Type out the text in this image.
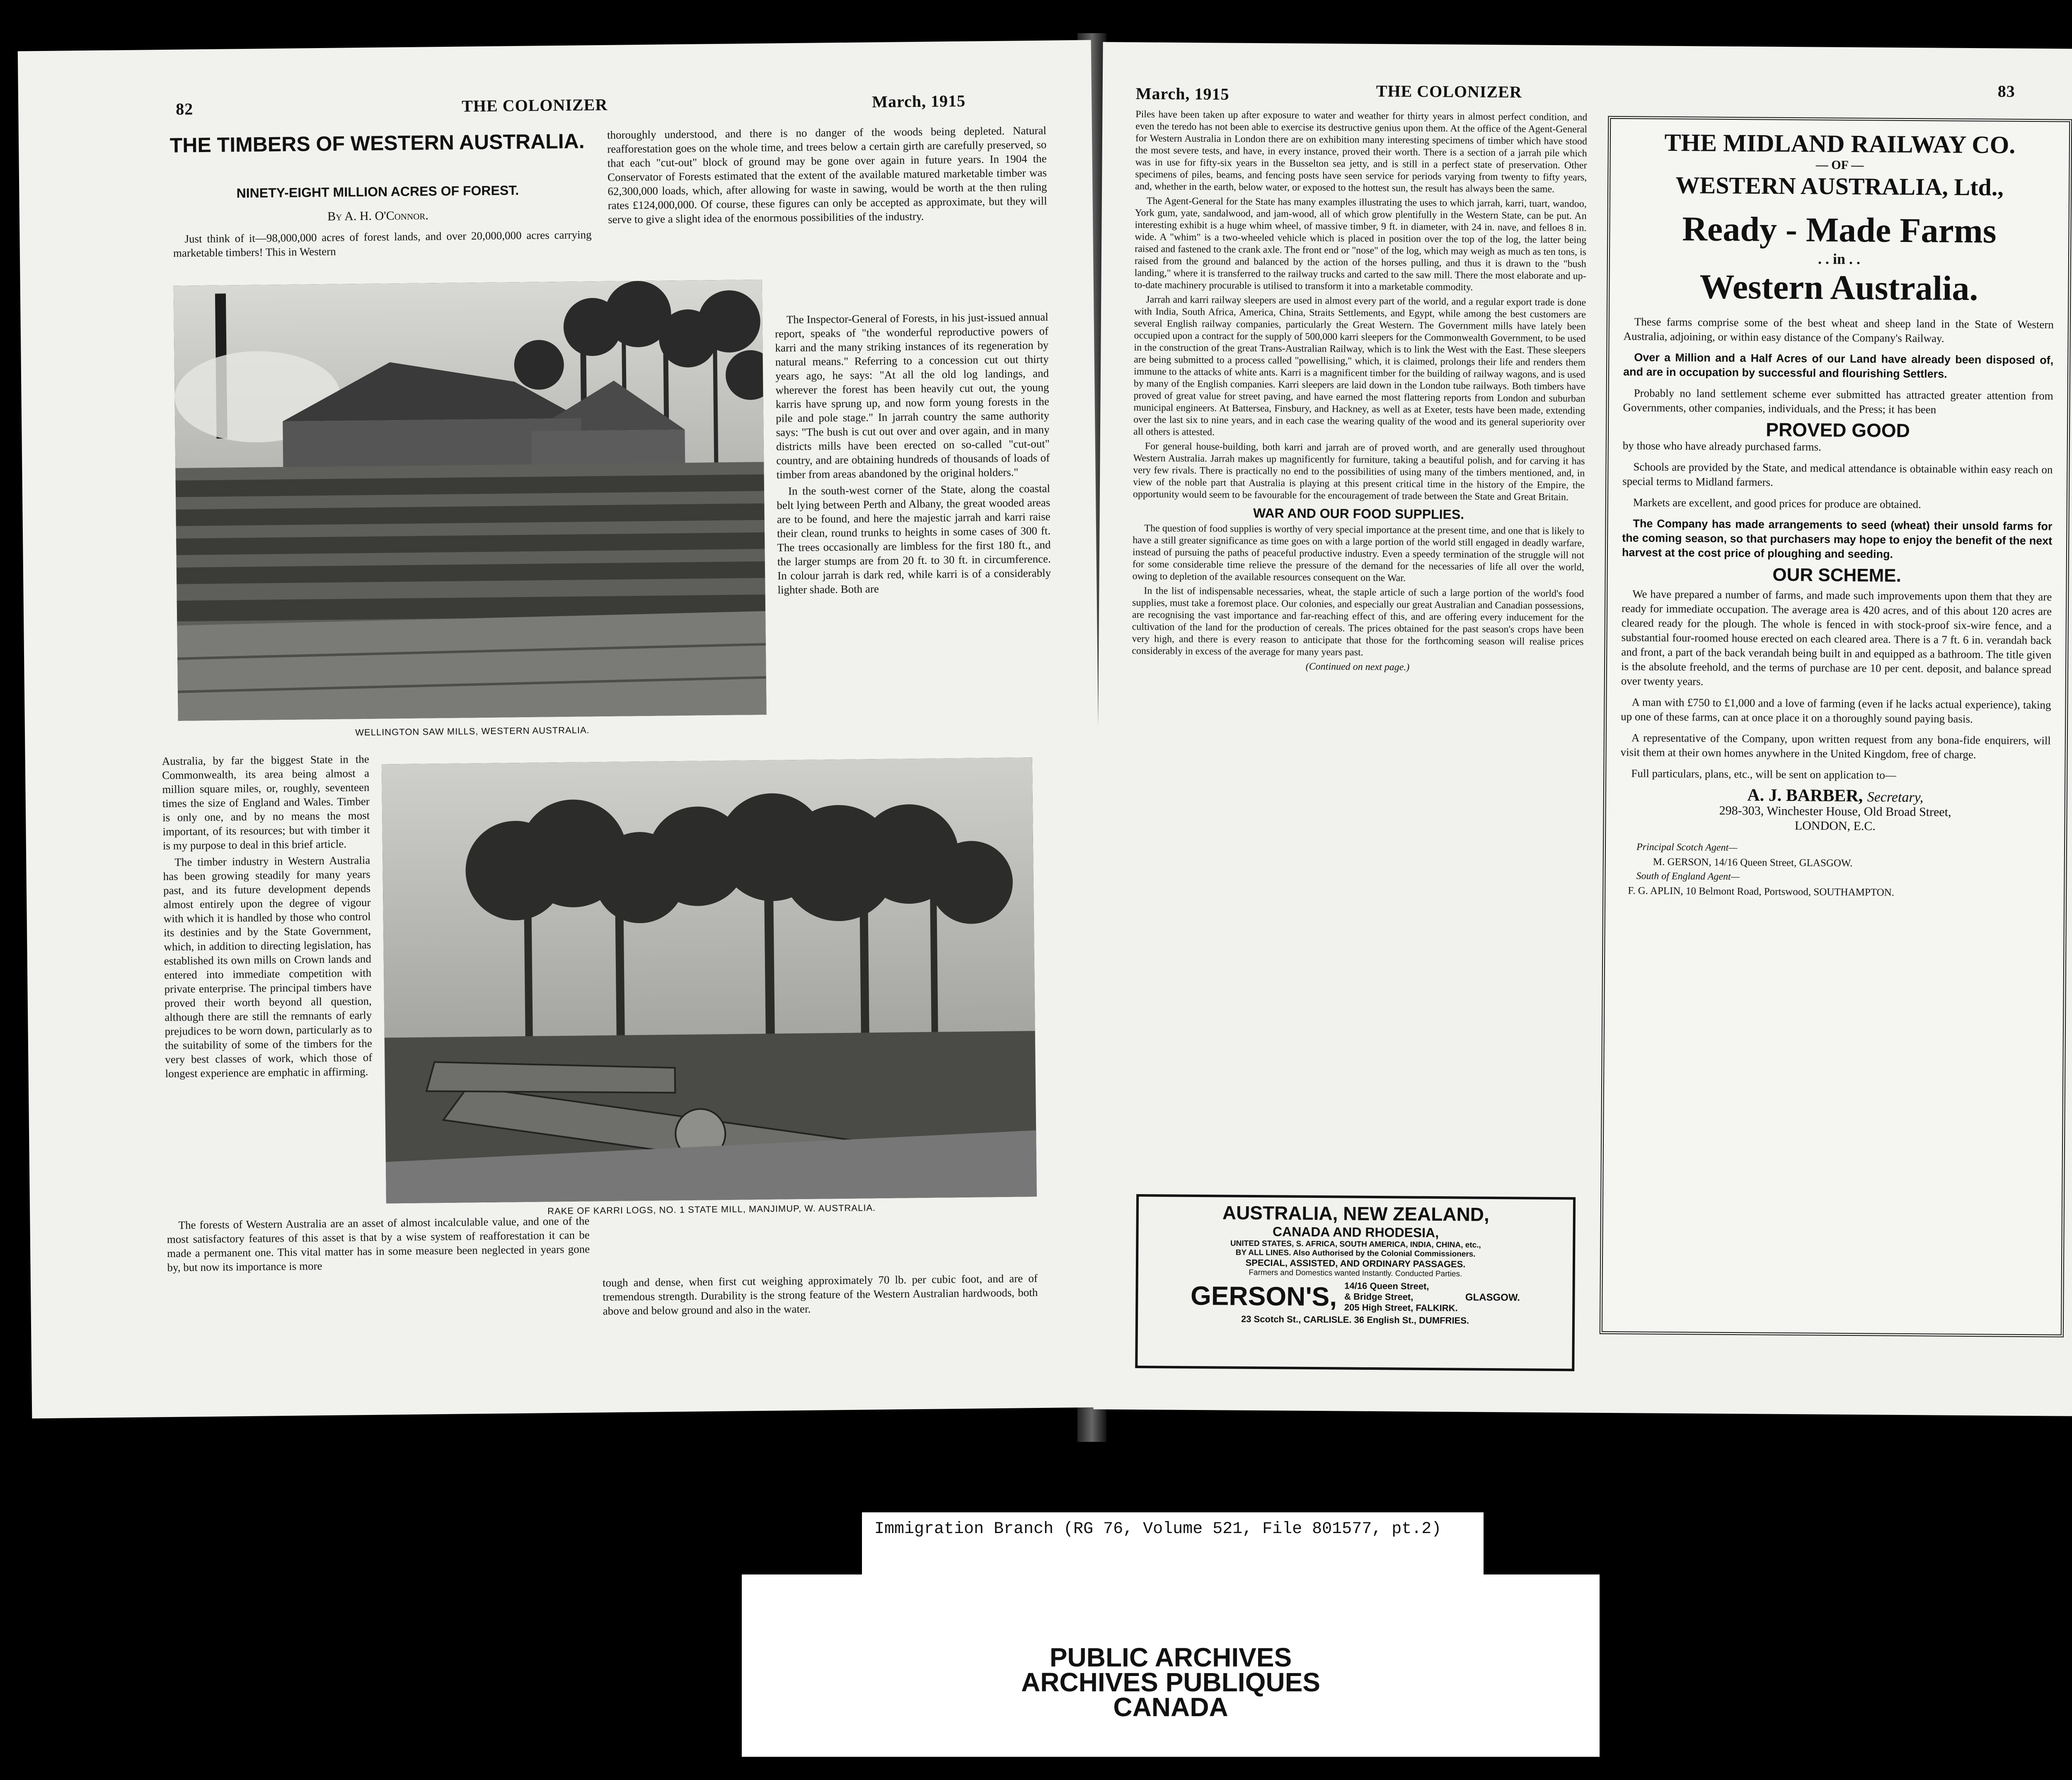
82	THE COLONIZER	March, 1915
THE TIMBERS OF WESTERN AUSTRALIA.
NINETY-EIGHT MILLION ACRES OF FOREST.
By A. H. O'Connor.

Just think of it—98,000,000 acres of forest lands, and over 20,000,000 acres carrying marketable timbers! This in Western

thoroughly understood, and there is no danger of the woods being depleted. Natural reafforestation goes on the whole time, and trees below a certain girth are carefully preserved, so that each "cut-out" block of ground may be gone over again in future years. In 1904 the Conservator of Forests estimated that the extent of the available matured marketable timber was 62,300,000 loads, which, after allowing for waste in sawing, would be worth at the then ruling rates £124,000,000. Of course, these figures can only be accepted as approximate, but they will serve to give a slight idea of the enormous possibilities of the industry.

The Inspector-General of Forests, in his just-issued annual report, speaks of "the wonderful reproductive powers of karri and the many striking instances of its regeneration by natural means." Referring to a concession cut out thirty years ago, he says: "At all the old log landings, and wherever the forest has been heavily cut out, the young karris have sprung up, and now form young forests in the pile and pole stage." In jarrah country the same authority says: "The bush is cut out over and over again, and in many districts mills have been erected on so-called "cut-out" country, and are obtaining hundreds of thousands of loads of timber from areas abandoned by the original holders."

In the south-west corner of the State, along the coastal belt lying between Perth and Albany, the great wooded areas are to be found, and here the majestic jarrah and karri raise their clean, round trunks to heights in some cases of 300 ft. The trees occasionally are limbless for the first 180 ft., and the larger stumps are from 20 ft. to 30 ft. in circumference. In colour jarrah is dark red, while karri is of a considerably lighter shade. Both are

WELLINGTON SAW MILLS, WESTERN AUSTRALIA.

Australia, by far the biggest State in the Commonwealth, its area being almost a million square miles, or, roughly, seventeen times the size of England and Wales. Timber is only one, and by no means the most important, of its resources; but with timber it is my purpose to deal in this brief article.

The timber industry in Western Australia has been growing steadily for many years past, and its future development depends almost entirely upon the degree of vigour with which it is handled by those who control its destinies and by the State Government, which, in addition to directing legislation, has established its own mills on Crown lands and entered into immediate competition with private enterprise. The principal timbers have proved their worth beyond all question, although there are still the remnants of early prejudices to be worn down, particularly as to the suitability of some of the timbers for the very best classes of work, which those of longest experience are emphatic in affirming.

The forests of Western Australia are an asset of almost incalculable value, and one of the most satisfactory features of this asset is that by a wise system of reafforestation it can be made a permanent one. This vital matter has in some measure been neglected in years gone by, but now its importance is more

RAKE OF KARRI LOGS, NO. 1 STATE MILL, MANJIMUP, W. AUSTRALIA.

tough and dense, when first cut weighing approximately 70 lb. per cubic foot, and are of tremendous strength. Durability is the strong feature of the Western Australian hardwoods, both above and below ground and also in the water.

March, 1915	THE COLONIZER	83

Piles have been taken up after exposure to water and weather for thirty years in almost perfect condition, and even the teredo has not been able to exercise its destructive genius upon them. At the office of the Agent-General for Western Australia in London there are on exhibition many interesting specimens of timber which have stood the most severe tests, and have, in every instance, proved their worth. There is a section of a jarrah pile which was in use for fifty-six years in the Busselton sea jetty, and is still in a perfect state of preservation. Other specimens of piles, beams, and fencing posts have seen service for periods varying from twenty to fifty years, and, whether in the earth, below water, or exposed to the hottest sun, the result has always been the same.

The Agent-General for the State has many examples illustrating the uses to which jarrah, karri, tuart, wandoo, York gum, yate, sandalwood, and jam-wood, all of which grow plentifully in the Western State, can be put. An interesting exhibit is a huge whim wheel, of massive timber, 9 ft. in diameter, with 24 in. nave, and felloes 8 in. wide. A "whim" is a two-wheeled vehicle which is placed in position over the top of the log, the latter being raised and fastened to the crank axle. The front end or "nose" of the log, which may weigh as much as ten tons, is raised from the ground and balanced by the action of the horses pulling, and thus it is drawn to the "bush landing," where it is transferred to the railway trucks and carted to the saw mill. There the most elaborate and up-to-date machinery procurable is utilised to transform it into a marketable commodity.

Jarrah and karri railway sleepers are used in almost every part of the world, and a regular export trade is done with India, South Africa, America, China, Straits Settlements, and Egypt, while among the best customers are several English railway companies, particularly the Great Western. The Government mills have lately been occupied upon a contract for the supply of 500,000 karri sleepers for the Commonwealth Government, to be used in the construction of the great Trans-Australian Railway, which is to link the West with the East. These sleepers are being submitted to a process called "powellising," which, it is claimed, prolongs their life and renders them immune to the attacks of white ants. Karri is a magnificent timber for the building of railway wagons, and is used by many of the English companies. Karri sleepers are laid down in the London tube railways. Both timbers have proved of great value for street paving, and have earned the most flattering reports from London and suburban municipal engineers. At Battersea, Finsbury, and Hackney, as well as at Exeter, tests have been made, extending over the last six to nine years, and in each case the wearing quality of the wood and its general superiority over all others is attested.

For general house-building, both karri and jarrah are of proved worth, and are generally used throughout Western Australia. Jarrah makes up magnificently for furniture, taking a beautiful polish, and for carving it has very few rivals. There is practically no end to the possibilities of using many of the timbers mentioned, and, in view of the noble part that Australia is playing at this present critical time in the history of the Empire, the opportunity would seem to be favourable for the encouragement of trade between the State and Great Britain.

WAR AND OUR FOOD SUPPLIES.

The question of food supplies is worthy of very special importance at the present time, and one that is likely to have a still greater significance as time goes on with a large portion of the world still engaged in deadly warfare, instead of pursuing the paths of peaceful productive industry. Even a speedy termination of the struggle will not for some considerable time relieve the pressure of the demand for the necessaries of life all over the world, owing to depletion of the available resources consequent on the War.

In the list of indispensable necessaries, wheat, the staple article of such a large portion of the world's food supplies, must take a foremost place. Our colonies, and especially our great Australian and Canadian possessions, are recognising the vast importance and far-reaching effect of this, and are offering every inducement for the cultivation of the land for the production of cereals. The prices obtained for the past season's crops have been very high, and there is every reason to anticipate that those for the forthcoming season will realise prices considerably in excess of the average for many years past.

(Continued on next page.)
AUSTRALIA, NEW ZEALAND,
CANADA AND RHODESIA,
UNITED STATES, S. AFRICA, SOUTH AMERICA, INDIA, CHINA, etc.,
BY ALL LINES. Also Authorised by the Colonial Commissioners.
SPECIAL, ASSISTED, AND ORDINARY PASSAGES.
Farmers and Domestics wanted Instantly. Conducted Parties.
GERSON'S, 14/16 Queen Street,
& Bridge Street,
205 High Street, FALKIRK.
GLASGOW.
23 Scotch St., CARLISLE. 36 English St., DUMFRIES.
THE MIDLAND RAILWAY CO.
— OF —
WESTERN AUSTRALIA, Ltd.,
Ready - Made Farms
. . in . .
Western Australia.

These farms comprise some of the best wheat and sheep land in the State of Western Australia, adjoining, or within easy distance of the Company's Railway.

Over a Million and a Half Acres of our Land have already been disposed of, and are in occupation by successful and flourishing Settlers.

Probably no land settlement scheme ever submitted has attracted greater attention from Governments, other companies, individuals, and the Press; it has been

PROVED GOOD

by those who have already purchased farms.

Schools are provided by the State, and medical attendance is obtainable within easy reach on special terms to Midland farmers.

Markets are excellent, and good prices for produce are obtained.

The Company has made arrangements to seed (wheat) their unsold farms for the coming season, so that purchasers may hope to enjoy the benefit of the next harvest at the cost price of ploughing and seeding.

OUR SCHEME.

We have prepared a number of farms, and made such improvements upon them that they are ready for immediate occupation. The average area is 420 acres, and of this about 120 acres are cleared ready for the plough. The whole is fenced in with stock-proof six-wire fence, and a substantial four-roomed house erected on each cleared area. There is a 7 ft. 6 in. verandah back and front, a part of the back verandah being built in and equipped as a bathroom. The title given is the absolute freehold, and the terms of purchase are 10 per cent. deposit, and balance spread over twenty years.

A man with £750 to £1,000 and a love of farming (even if he lacks actual experience), taking up one of these farms, can at once place it on a thoroughly sound paying basis.

A representative of the Company, upon written request from any bona-fide enquirers, will visit them at their own homes anywhere in the United Kingdom, free of charge.

Full particulars, plans, etc., will be sent on application to—

A. J. BARBER, Secretary,
298-303, Winchester House, Old Broad Street,
LONDON, E.C.
Principal Scotch Agent—
M. GERSON, 14/16 Queen Street, GLASGOW.
South of England Agent—
F. G. APLIN, 10 Belmont Road, Portswood, SOUTHAMPTON.
Immigration Branch (RG 76, Volume 521, File 801577, pt.2)
PUBLIC ARCHIVES
ARCHIVES PUBLIQUES
CANADA
